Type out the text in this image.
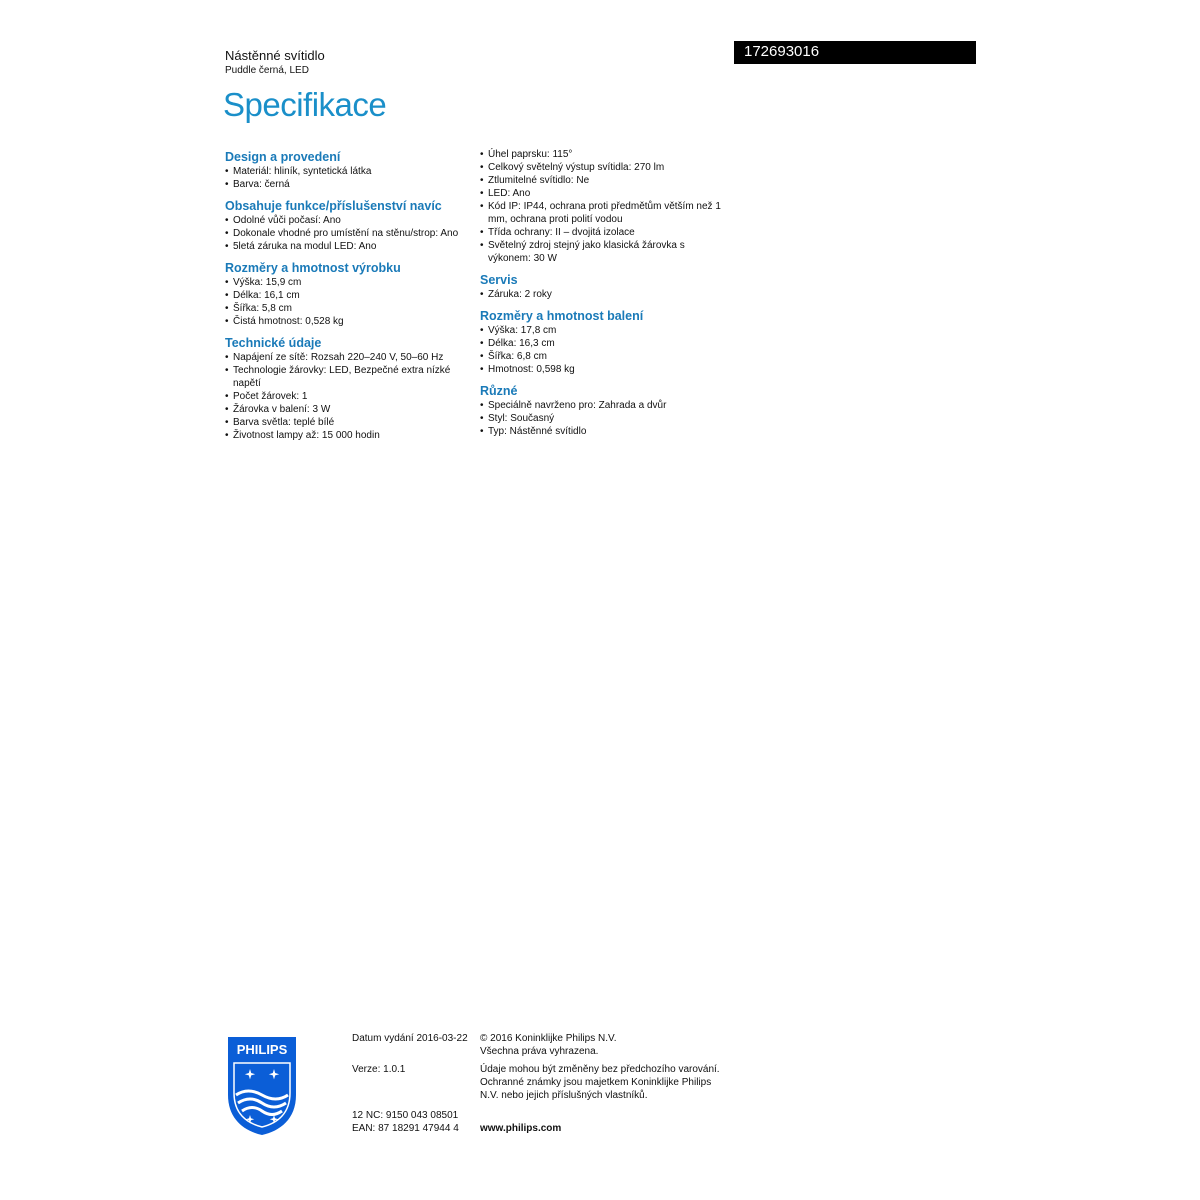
Nástěnné svítidlo
Puddle černá, LED
Specifikace
172693016
Design a provedení
• Materiál: hliník, syntetická látka
• Barva: černá
Obsahuje funkce/příslušenství navíc
• Odolné vůči počasí: Ano
• Dokonale vhodné pro umístění na stěnu/strop: Ano
• 5letá záruka na modul LED: Ano
Rozměry a hmotnost výrobku
• Výška: 15,9 cm
• Délka: 16,1 cm
• Šířka: 5,8 cm
• Čistá hmotnost: 0,528 kg
Technické údaje
• Napájení ze sítě: Rozsah 220–240 V, 50–60 Hz
• Technologie žárovky: LED, Bezpečné extra nízké napětí
• Počet žárovek: 1
• Žárovka v balení: 3 W
• Barva světla: teplé bílé
• Životnost lampy až: 15 000 hodin
• Úhel paprsku: 115°
• Celkový světelný výstup svítidla: 270 lm
• Ztlumitelné svítidlo: Ne
• LED: Ano
• Kód IP: IP44, ochrana proti předmětům větším než 1 mm, ochrana proti polití vodou
• Třída ochrany: II – dvojitá izolace
• Světelný zdroj stejný jako klasická žárovka s výkonem: 30 W
Servis
• Záruka: 2 roky
Rozměry a hmotnost balení
• Výška: 17,8 cm
• Délka: 16,3 cm
• Šířka: 6,8 cm
• Hmotnost: 0,598 kg
Různé
• Speciálně navrženo pro: Zahrada a dvůr
• Styl: Současný
• Typ: Nástěnné svítidlo
PHILIPS
Datum vydání 2016-03-22 © 2016 Koninklijke Philips N.V.
Všechna práva vyhrazena.
Verze: 1.0.1	Údaje mohou být změněny bez předchozího varování.
Ochranné známky jsou majetkem Koninklijke Philips
N.V. nebo jejich příslušných vlastníků.
12 NC: 9150 043 08501
EAN: 87 18291 47944 4 www.philips.com
